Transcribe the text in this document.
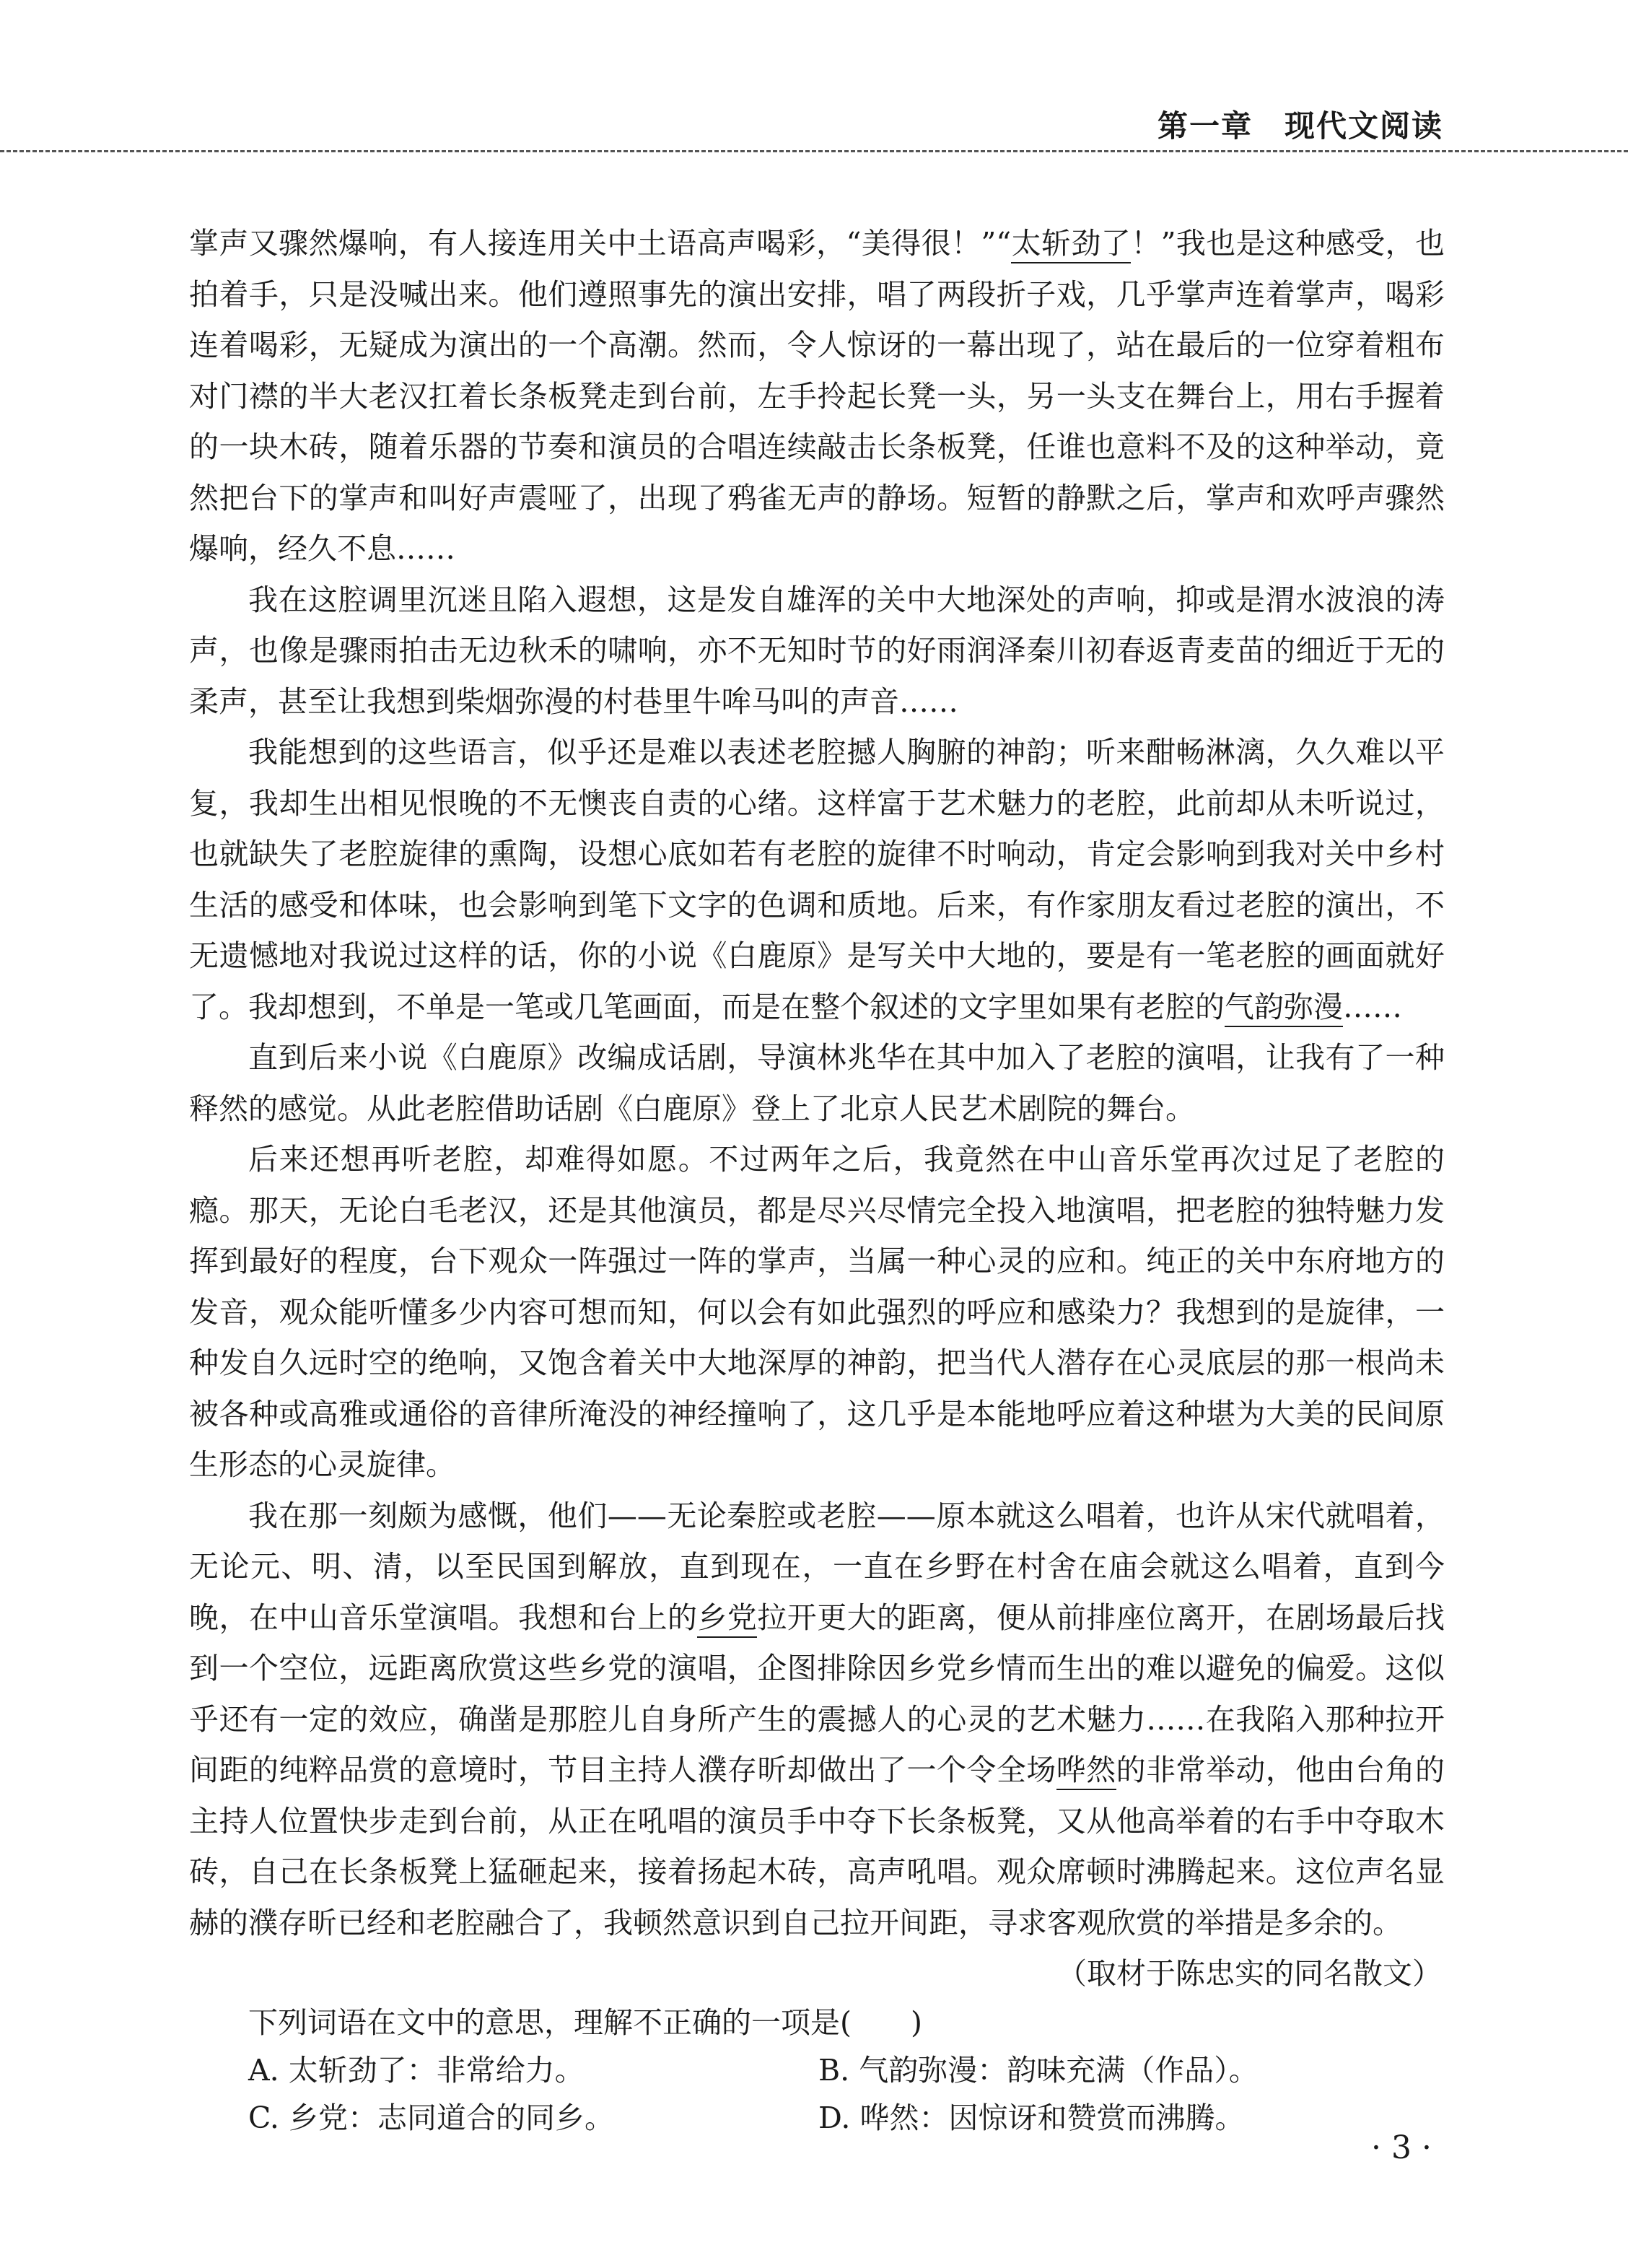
第一章　现代文阅读

掌声又骤然爆响，有人接连用关中土语高声喝彩，“美得很！”“太斩劲了！”我也是这种感受，也拍着手，只是没喊出来。他们遵照事先的演出安排，唱了两段折子戏，几乎掌声连着掌声，喝彩连着喝彩，无疑成为演出的一个高潮。然而，令人惊讶的一幕出现了，站在最后的一位穿着粗布对门襟的半大老汉扛着长条板凳走到台前，左手拎起长凳一头，另一头支在舞台上，用右手握着的一块木砖，随着乐器的节奏和演员的合唱连续敲击长条板凳，任谁也意料不及的这种举动，竟然把台下的掌声和叫好声震哑了，出现了鸦雀无声的静场。短暂的静默之后，掌声和欢呼声骤然爆响，经久不息……

我在这腔调里沉迷且陷入遐想，这是发自雄浑的关中大地深处的声响，抑或是渭水波浪的涛声，也像是骤雨拍击无边秋禾的啸响，亦不无知时节的好雨润泽秦川初春返青麦苗的细近于无的柔声，甚至让我想到柴烟弥漫的村巷里牛哞马叫的声音……

我能想到的这些语言，似乎还是难以表述老腔撼人胸腑的神韵；听来酣畅淋漓，久久难以平复，我却生出相见恨晚的不无懊丧自责的心绪。这样富于艺术魅力的老腔，此前却从未听说过，也就缺失了老腔旋律的熏陶，设想心底如若有老腔的旋律不时响动，肯定会影响到我对关中乡村生活的感受和体味，也会影响到笔下文字的色调和质地。后来，有作家朋友看过老腔的演出，不无遗憾地对我说过这样的话，你的小说《白鹿原》是写关中大地的，要是有一笔老腔的画面就好了。我却想到，不单是一笔或几笔画面，而是在整个叙述的文字里如果有老腔的气韵弥漫……

直到后来小说《白鹿原》改编成话剧，导演林兆华在其中加入了老腔的演唱，让我有了一种释然的感觉。从此老腔借助话剧《白鹿原》登上了北京人民艺术剧院的舞台。

后来还想再听老腔，却难得如愿。不过两年之后，我竟然在中山音乐堂再次过足了老腔的瘾。那天，无论白毛老汉，还是其他演员，都是尽兴尽情完全投入地演唱，把老腔的独特魅力发挥到最好的程度，台下观众一阵强过一阵的掌声，当属一种心灵的应和。纯正的关中东府地方的发音，观众能听懂多少内容可想而知，何以会有如此强烈的呼应和感染力？我想到的是旋律，一种发自久远时空的绝响，又饱含着关中大地深厚的神韵，把当代人潜存在心灵底层的那一根尚未被各种或高雅或通俗的音律所淹没的神经撞响了，这几乎是本能地呼应着这种堪为大美的民间原生形态的心灵旋律。

我在那一刻颇为感慨，他们——无论秦腔或老腔——原本就这么唱着，也许从宋代就唱着，无论元、明、清，以至民国到解放，直到现在，一直在乡野在村舍在庙会就这么唱着，直到今晚，在中山音乐堂演唱。我想和台上的乡党拉开更大的距离，便从前排座位离开，在剧场最后找到一个空位，远距离欣赏这些乡党的演唱，企图排除因乡党乡情而生出的难以避免的偏爱。这似乎还有一定的效应，确凿是那腔儿自身所产生的震撼人的心灵的艺术魅力……在我陷入那种拉开间距的纯粹品赏的意境时，节目主持人濮存昕却做出了一个令全场哗然的非常举动，他由台角的主持人位置快步走到台前，从正在吼唱的演员手中夺下长条板凳，又从他高举着的右手中夺取木砖，自己在长条板凳上猛砸起来，接着扬起木砖，高声吼唱。观众席顿时沸腾起来。这位声名显赫的濮存昕已经和老腔融合了，我顿然意识到自己拉开间距，寻求客观欣赏的举措是多余的。

（取材于陈忠实的同名散文）

下列词语在文中的意思，理解不正确的一项是(　　)

A. 太斩劲了：非常给力。	B. 气韵弥漫：韵味充满（作品）。
C. 乡党：志同道合的同乡。	D. 哗然：因惊讶和赞赏而沸腾。
· 3 ·
